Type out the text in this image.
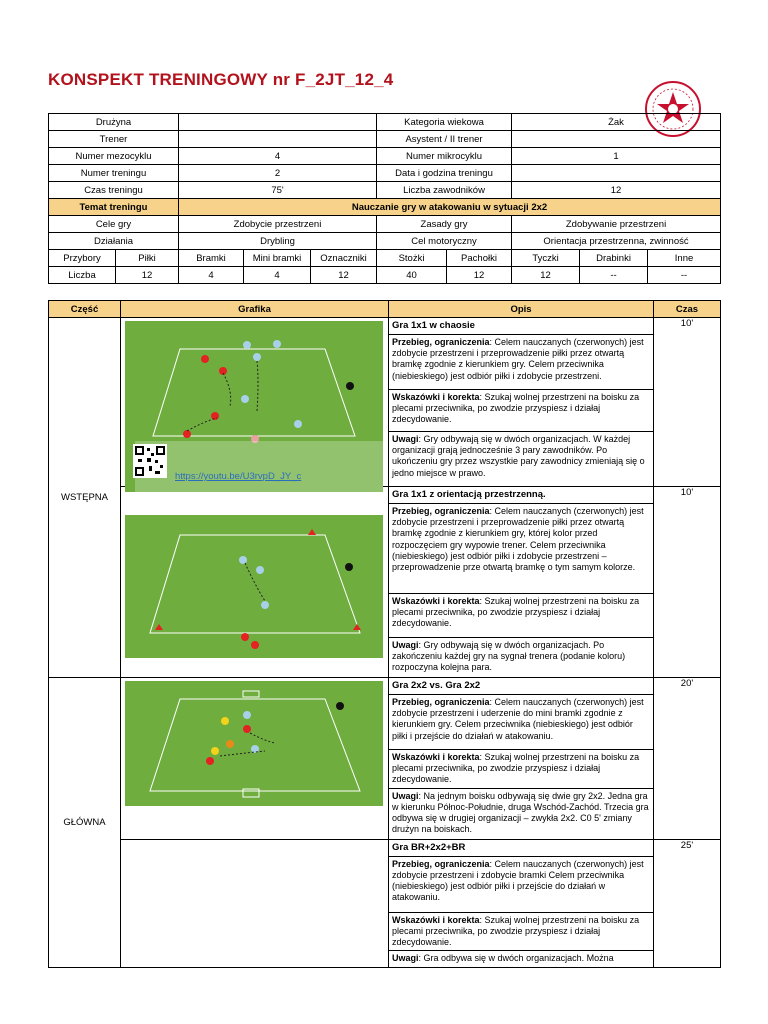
KONSPEKT TRENINGOWY nr F_2JT_12_4
Drużyna					Kategoria wiekowa		Żak		
Trener					Asystent / II trener				
Numer mezocyklu		4			Numer mikrocyklu		1		
Numer treningu		2			Data i godzina treningu				
Czas treningu		75'			Liczba zawodników		12		
Temat treningu		Nauczanie gry w atakowaniu w sytuacji 2x2							
Cele gry		Zdobycie przestrzeni			Zasady gry		Zdobywanie przestrzeni		
Działania		Drybling			Cel motoryczny		Orientacja przestrzenna, zwinność		
Przybory	Piłki	Bramki	Mini bramki	Oznaczniki	Stożki	Pachołki	Tyczki	Drabinki	Inne
Liczba	12	4	4	12	40	12	12	--	--
Część	Grafika	Opis	Czas
WSTĘPNA	https://youtu.be/U3rvpD_JY_c	Gra 1x1 w chaosie	10'
		Przebieg, ograniczenia: Celem nauczanych (czerwonych) jest zdobycie przestrzeni i przeprowadzenie piłki przez otwartą bramkę zgodnie z kierunkiem gry. Celem przeciwnika (niebieskiego) jest odbiór piłki i zdobycie przestrzeni.	
		Wskazówki i korekta: Szukaj wolnej przestrzeni na boisku za plecami przeciwnika, po zwodzie przyspiesz i działaj zdecydowanie.	
		Uwagi: Gry odbywają się w dwóch organizacjach. W każdej organizacji grają jednocześnie 3 pary zawodników. Po ukończeniu gry przez wszystkie pary zawodnicy zmieniają się o jedno miejsce w prawo.	

	Gra 1x1 z orientacją przestrzenną.	10'
		Przebieg, ograniczenia: Celem nauczanych (czerwonych) jest zdobycie przestrzeni i przeprowadzenie piłki przez otwartą bramkę zgodnie z kierunkiem gry, której kolor przed rozpoczęciem gry wypowie trener. Celem przeciwnika (niebieskiego) jest odbiór piłki i zdobycie przestrzeni – przeprowadzenie prze otwartą bramkę o tym samym kolorze.	
		Wskazówki i korekta: Szukaj wolnej przestrzeni na boisku za plecami przeciwnika, po zwodzie przyspiesz i działaj zdecydowanie.	
		Uwagi: Gry odbywają się w dwóch organizacjach. Po zakończeniu każdej gry na sygnał trenera (podanie koloru) rozpoczyna kolejna para.	
GŁÓWNA		Gra 2x2 vs. Gra 2x2	20'
		Przebieg, ograniczenia: Celem nauczanych (czerwonych) jest zdobycie przestrzeni i uderzenie do mini bramki zgodnie z kierunkiem gry. Celem przeciwnika (niebieskiego) jest odbiór piłki i przejście do działań w atakowaniu.	
		Wskazówki i korekta: Szukaj wolnej przestrzeni na boisku za plecami przeciwnika, po zwodzie przyspiesz i działaj zdecydowanie.	
		Uwagi: Na jednym boisku odbywają się dwie gry 2x2. Jedna gra w kierunku Północ-Południe, druga Wschód-Zachód. Trzecia gra odbywa się w drugiej organizacji – zwykła 2x2. C0 5' zmiany drużyn na boiskach.	
		Gra BR+2x2+BR	25'
		Przebieg, ograniczenia: Celem nauczanych (czerwonych) jest zdobycie przestrzeni i zdobycie bramki Celem przeciwnika (niebieskiego) jest odbiór piłki i przejście do działań w atakowaniu.	
		Wskazówki i korekta: Szukaj wolnej przestrzeni na boisku za plecami przeciwnika, po zwodzie przyspiesz i działaj zdecydowanie.	
		Uwagi: Gra odbywa się w dwóch organizacjach. Można	
